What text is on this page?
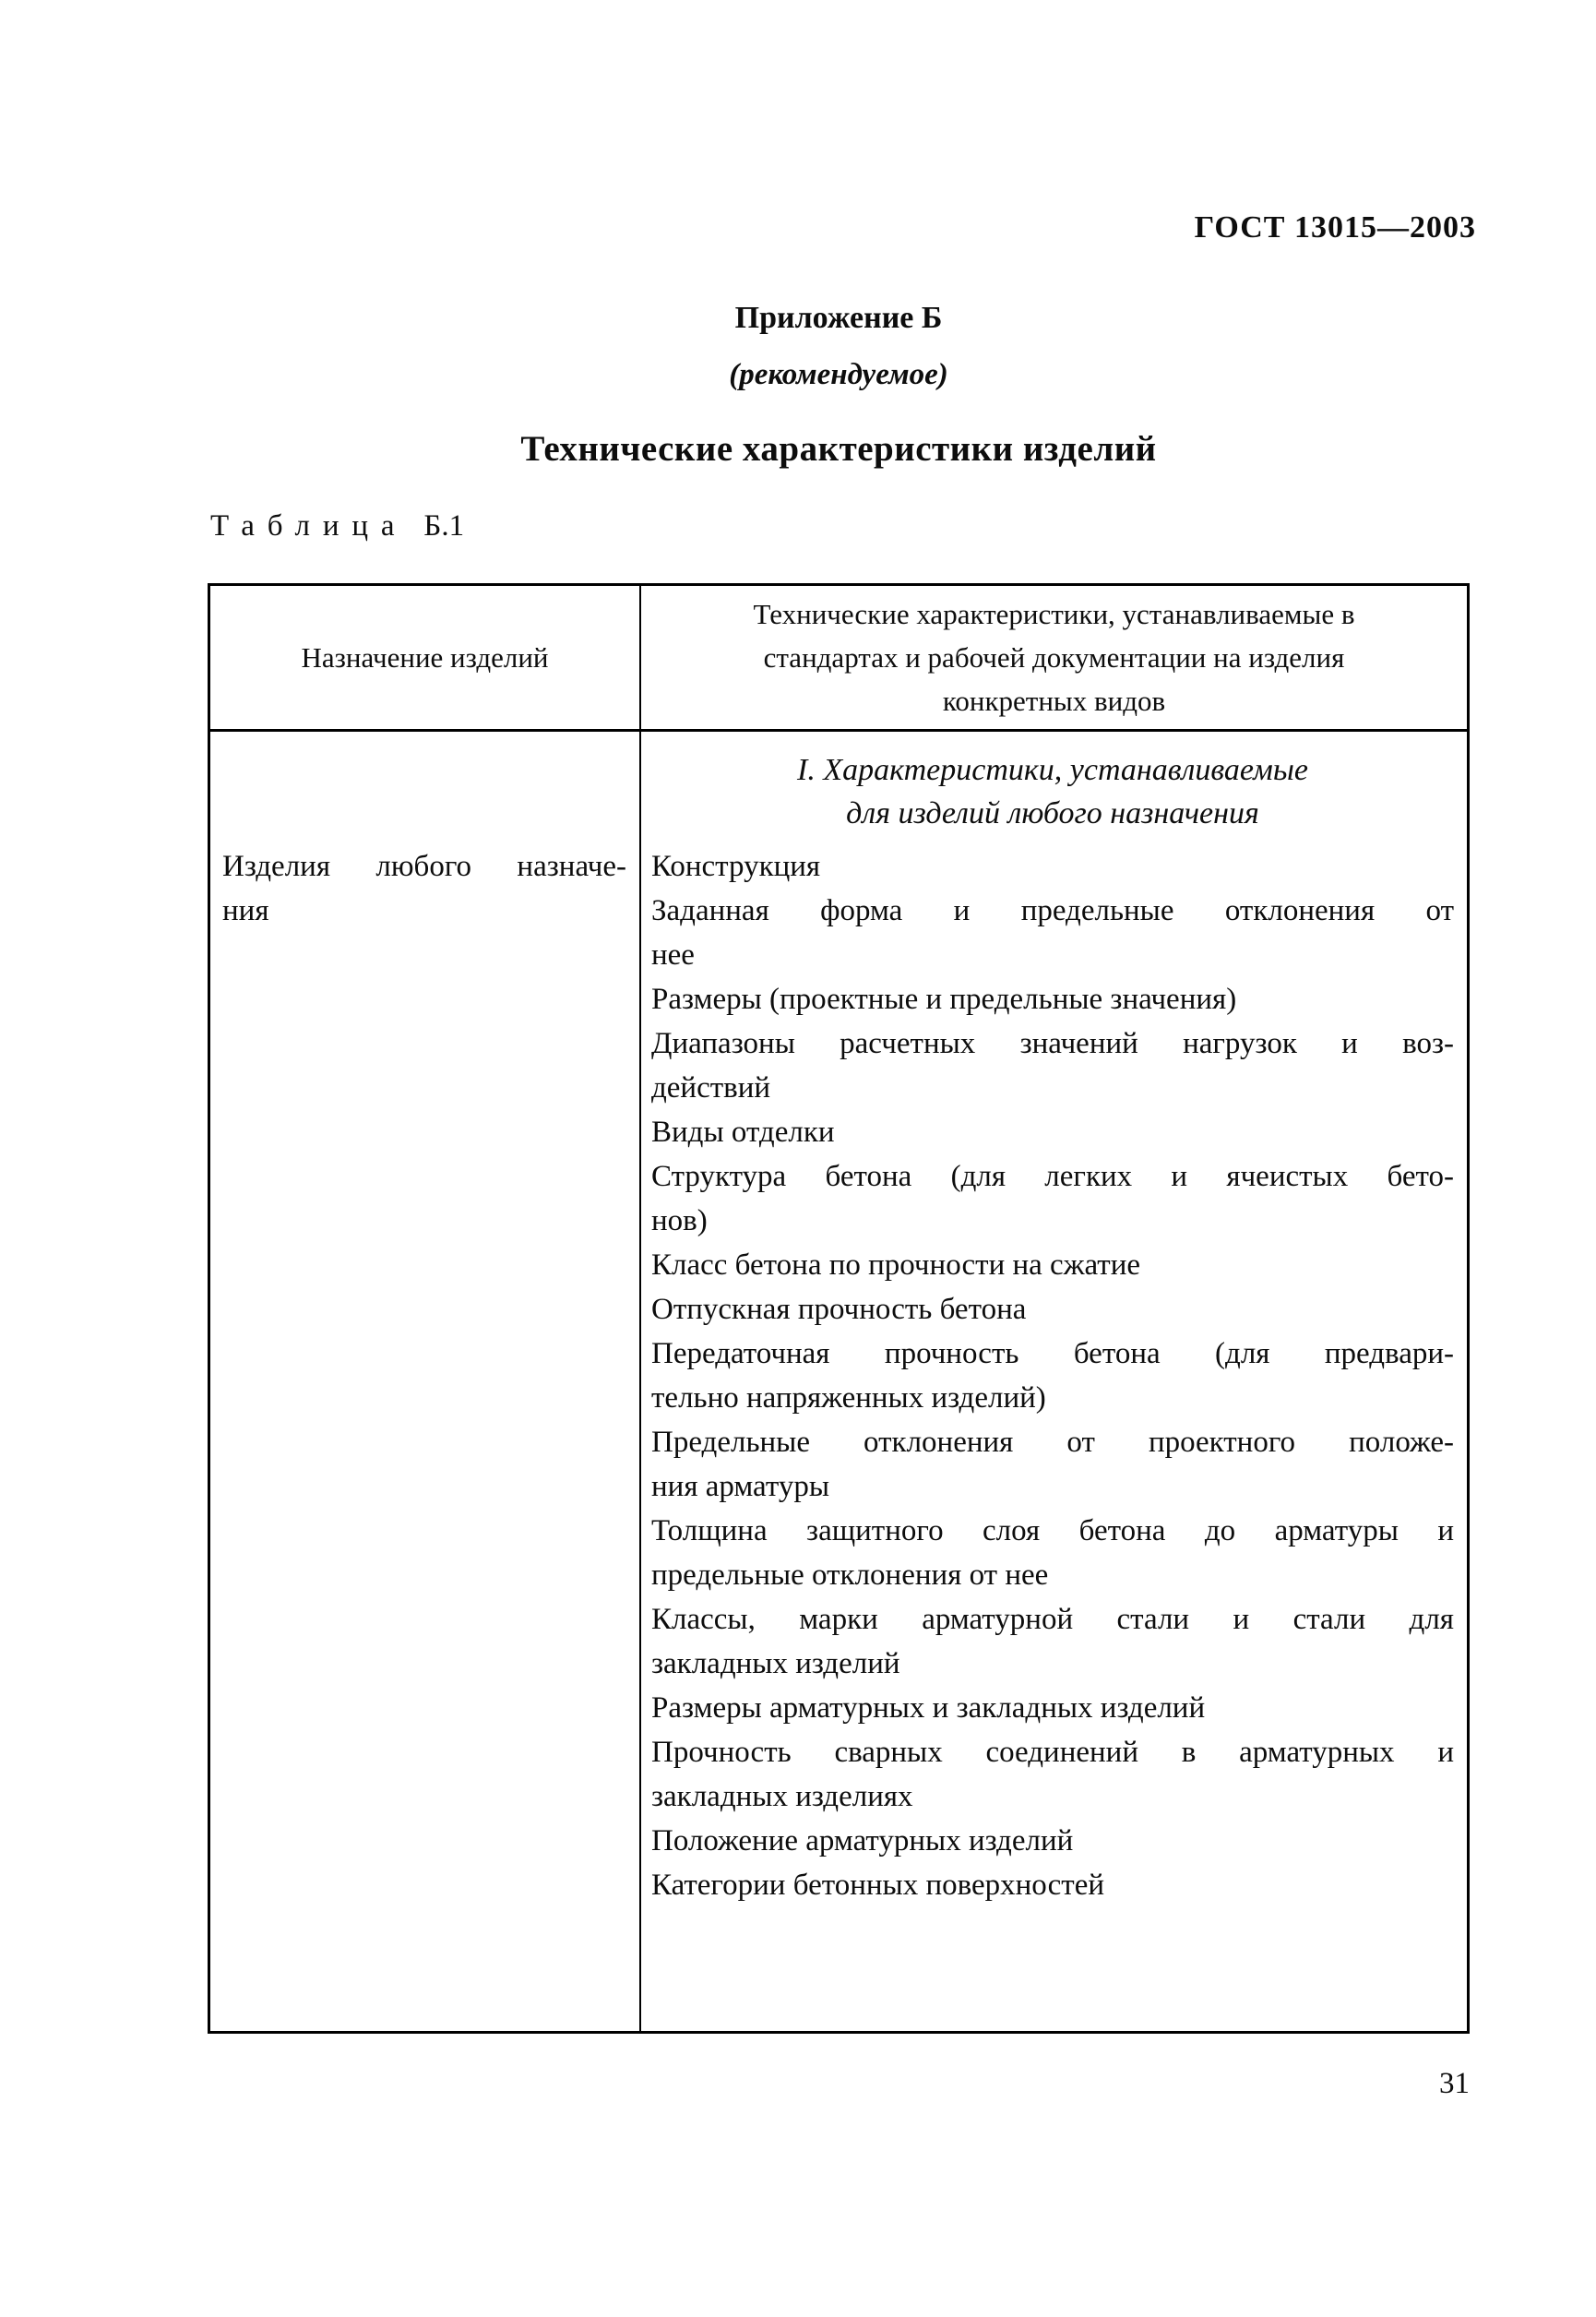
ГОСТ 13015—2003
Приложение Б
(рекомендуемое)
Технические характеристики изделий
Таблица Б.1
Назначение изделий
Технические характеристики, устанавливаемые в
стандартах и рабочей документации на изделия
конкретных видов
Изделия любого назначе-
ния
I. Характеристики, устанавливаемые
для изделий любого назначения
Конструкция
Заданная форма и предельные отклонения от
нее
Размеры (проектные и предельные значения)
Диапазоны расчетных значений нагрузок и воз-
действий
Виды отделки
Структура бетона (для легких и ячеистых бето-
нов)
Класс бетона по прочности на сжатие
Отпускная прочность бетона
Передаточная прочность бетона (для предвари-
тельно напряженных изделий)
Предельные отклонения от проектного положе-
ния арматуры
Толщина защитного слоя бетона до арматуры и
предельные отклонения от нее
Классы, марки арматурной стали и стали для
закладных изделий
Размеры арматурных и закладных изделий
Прочность сварных соединений в арматурных и
закладных изделиях
Положение арматурных изделий
Категории бетонных поверхностей
31
